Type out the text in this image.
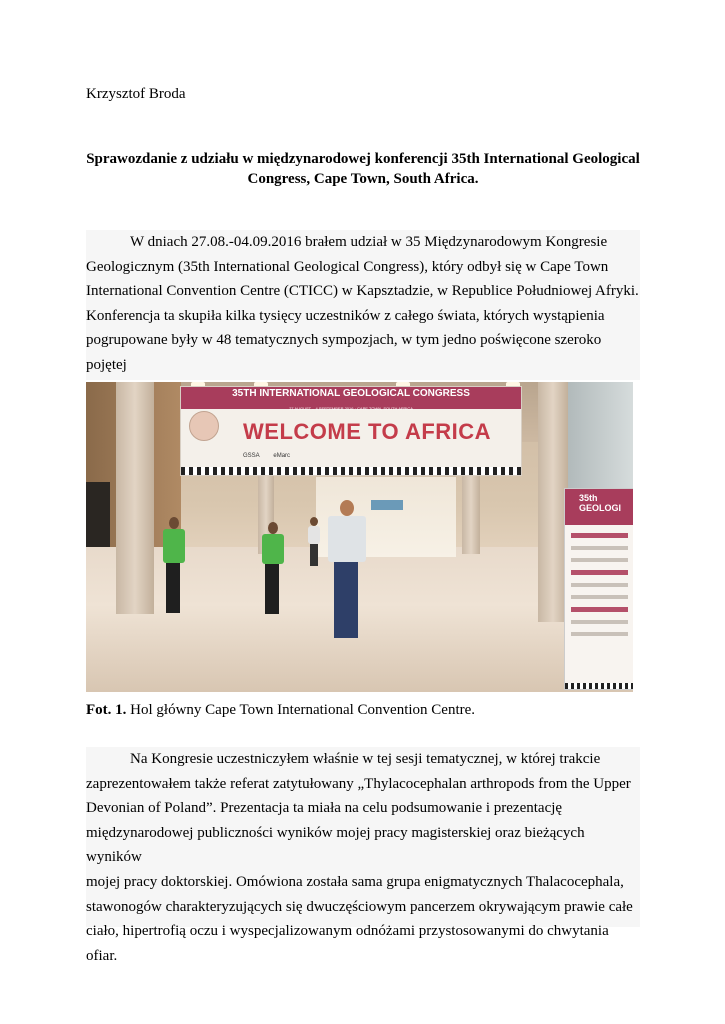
Krzysztof Broda
Sprawozdanie z udziału w międzynarodowej konferencji 35th International Geological Congress, Cape Town, South Africa.

W dniach 27.08.-04.09.2016 brałem udział w 35 Międzynarodowym Kongresie

Geologicznym (35th International Geological Congress), który odbył się w Cape Town

International Convention Centre (CTICC) w Kapsztadzie, w Republice Południowej Afryki.

Konferencja ta skupiła kilka tysięcy uczestników z całego świata, których wystąpienia

pogrupowane były w 48 tematycznych sympozjach, w tym jedno poświęcone szeroko pojętej

35TH INTERNATIONAL GEOLOGICAL CONGRESS
27 AUGUST – 4 SEPTEMBER 2016 · CAPE TOWN, SOUTH AFRICA
WELCOME TO AFRICA
GSSA eMarc
35th
GEOLOGI
Fot. 1. Hol główny Cape Town International Convention Centre.

Na Kongresie uczestniczyłem właśnie w tej sesji tematycznej, w której trakcie

zaprezentowałem także referat zatytułowany „Thylacocephalan arthropods from the Upper

Devonian of Poland”. Prezentacja ta miała na celu podsumowanie i prezentację

międzynarodowej publiczności wyników mojej pracy magisterskiej oraz bieżących wyników

mojej pracy doktorskiej. Omówiona została sama grupa enigmatycznych Thalacocephala,

stawonogów charakteryzujących się dwuczęściowym pancerzem okrywającym prawie całe

ciało, hipertrofią oczu i wyspecjalizowanym odnóżami przystosowanymi do chwytania ofiar.
